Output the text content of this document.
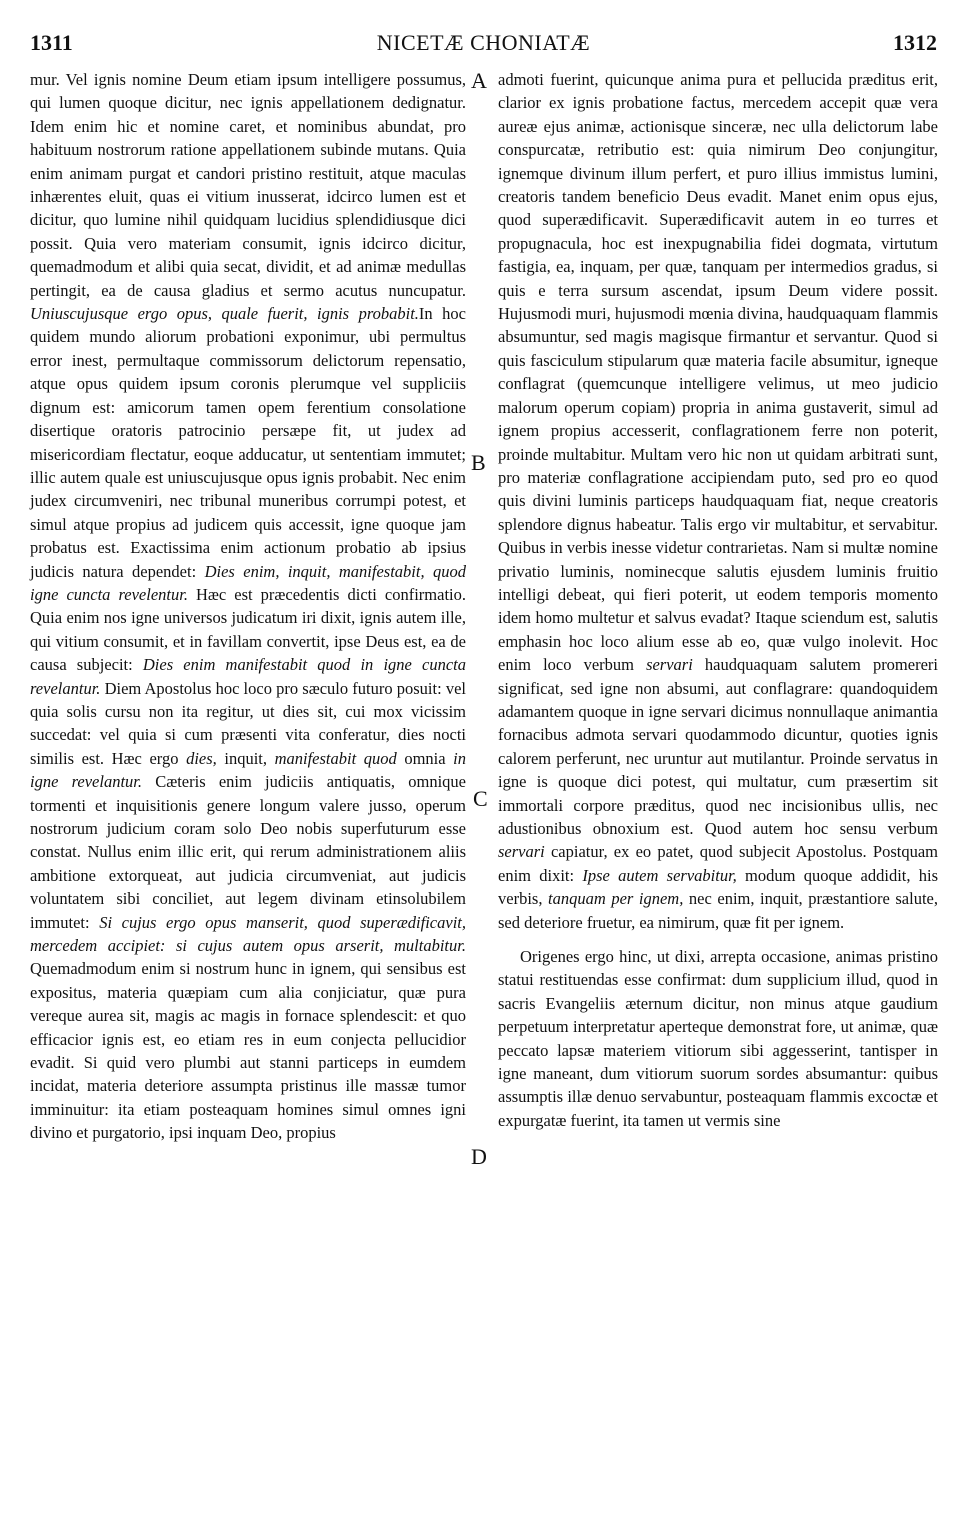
1311	NICETÆ CHONIATÆ	1312

mur. Vel ignis nomine Deum etiam ipsum intelligere possumus, qui lumen quoque dicitur, nec ignis appellationem dedignatur. Idem enim hic et nomine caret, et nominibus abundat, pro habituum nostrorum ratione appellationem subinde mutans. Quia enim animam purgat et candori pristino restituit, atque maculas inhærentes eluit, quas ei vitium inusserat, idcirco lumen est et dicitur, quo lumine nihil quidquam lucidius splendidiusque dici possit. Quia vero materiam consumit, ignis idcirco dicitur, quemadmodum et alibi quia secat, dividit, et ad animæ medullas pertingit, ea de causa gladius et sermo acutus nuncupatur. Uniuscujusque ergo opus, quale fuerit, ignis probabit.In hoc quidem mundo aliorum probationi exponimur, ubi permultus error inest, permultaque commissorum delictorum repensatio, atque opus quidem ipsum coronis plerumque vel suppliciis dignum est: amicorum tamen opem ferentium consolatione disertique oratoris patrocinio persæpe fit, ut judex ad misericordiam flectatur, eoque adducatur, ut sententiam immutet; illic autem quale est uniuscujusque opus ignis probabit. Nec enim judex circumveniri, nec tribunal muneribus corrumpi potest, et simul atque propius ad judicem quis accessit, igne quoque jam probatus est. Exactissima enim actionum probatio ab ipsius judicis natura dependet: Dies enim, inquit, manifestabit, quod igne cuncta revelentur. Hæc est præcedentis dicti confirmatio. Quia enim nos igne universos judicatum iri dixit, ignis autem ille, qui vitium consumit, et in favillam convertit, ipse Deus est, ea de causa subjecit: Dies enim manifestabit quod in igne cuncta revelantur. Diem Apostolus hoc loco pro sæculo futuro posuit: vel quia solis cursu non ita regitur, ut dies sit, cui mox vicissim succedat: vel quia si cum præsenti vita conferatur, dies nocti similis est. Hæc ergo dies, inquit, manifestabit quod omnia in igne revelantur. Cæteris enim judiciis antiquatis, omnique tormenti et inquisitionis genere longum valere jusso, operum nostrorum judicium coram solo Deo nobis superfuturum esse constat. Nullus enim illic erit, qui rerum administrationem aliis ambitione extorqueat, aut judicia circumveniat, aut judicis voluntatem sibi conciliet, aut legem divinam etinsolubilem immutet: Si cujus ergo opus manserit, quod superædificavit, mercedem accipiet: si cujus autem opus arserit, multabitur. Quemadmodum enim si nostrum hunc in ignem, qui sensibus est expositus, materia quæpiam cum alia conjiciatur, quæ pura vereque aurea sit, magis ac magis in fornace splendescit: et quo efficacior ignis est, eo etiam res in eum conjecta pellucidior evadit. Si quid vero plumbi aut stanni particeps in eumdem incidat, materia deteriore assumpta pristinus ille massæ tumor imminuitur: ita etiam posteaquam homines simul omnes igni divino et purgatorio, ipsi inquam Deo, propius

A
B
C
D

admoti fuerint, quicunque anima pura et pellucida præditus erit, clarior ex ignis probatione factus, mercedem accepit quæ vera aureæ ejus animæ, actionisque sinceræ, nec ulla delictorum labe conspurcatæ, retributio est: quia nimirum Deo conjungitur, ignemque divinum illum perfert, et puro illius immistus lumini, creatoris tandem beneficio Deus evadit. Manet enim opus ejus, quod superædificavit. Superædificavit autem in eo turres et propugnacula, hoc est inexpugnabilia fidei dogmata, virtutum fastigia, ea, inquam, per quæ, tanquam per intermedios gradus, si quis e terra sursum ascendat, ipsum Deum videre possit. Hujusmodi muri, hujusmodi mœnia divina, haudquaquam flammis absumuntur, sed magis magisque firmantur et servantur. Quod si quis fasciculum stipularum quæ materia facile absumitur, igneque conflagrat (quemcunque intelligere velimus, ut meo judicio malorum operum copiam) propria in anima gustaverit, simul ad ignem propius accesserit, conflagrationem ferre non poterit, proinde multabitur. Multam vero hic non ut quidam arbitrati sunt, pro materiæ conflagratione accipiendam puto, sed pro eo quod quis divini luminis particeps haudquaquam fiat, neque creatoris splendore dignus habeatur. Talis ergo vir multabitur, et servabitur. Quibus in verbis inesse videtur contrarietas. Nam si multæ nomine privatio luminis, nominecque salutis ejusdem luminis fruitio intelligi debeat, qui fieri poterit, ut eodem temporis momento idem homo multetur et salvus evadat? Itaque sciendum est, salutis emphasin hoc loco alium esse ab eo, quæ vulgo inolevit. Hoc enim loco verbum servari haudquaquam salutem promereri significat, sed igne non absumi, aut conflagrare: quandoquidem adamantem quoque in igne servari dicimus nonnullaque animantia fornacibus admota servari quodammodo dicuntur, quoties ignis calorem perferunt, nec uruntur aut mutilantur. Proinde servatus in igne is quoque dici potest, qui multatur, cum præsertim sit immortali corpore præditus, quod nec incisionibus ullis, nec adustionibus obnoxium est. Quod autem hoc sensu verbum servari capiatur, ex eo patet, quod subjecit Apostolus. Postquam enim dixit: Ipse autem servabitur, modum quoque addidit, his verbis, tanquam per ignem, nec enim, inquit, præstantiore salute, sed deteriore fruetur, ea nimirum, quæ fit per ignem.

Origenes ergo hinc, ut dixi, arrepta occasione, animas pristino statui restituendas esse confirmat: dum supplicium illud, quod in sacris Evangeliis æternum dicitur, non minus atque gaudium perpetuum interpretatur aperteque demonstrat fore, ut animæ, quæ peccato lapsæ materiem vitiorum sibi aggesserint, tantisper in igne maneant, dum vitiorum suorum sordes absumantur: quibus assumptis illæ denuo servabuntur, posteaquam flammis excoctæ et expurgatæ fuerint, ita tamen ut vermis sine
